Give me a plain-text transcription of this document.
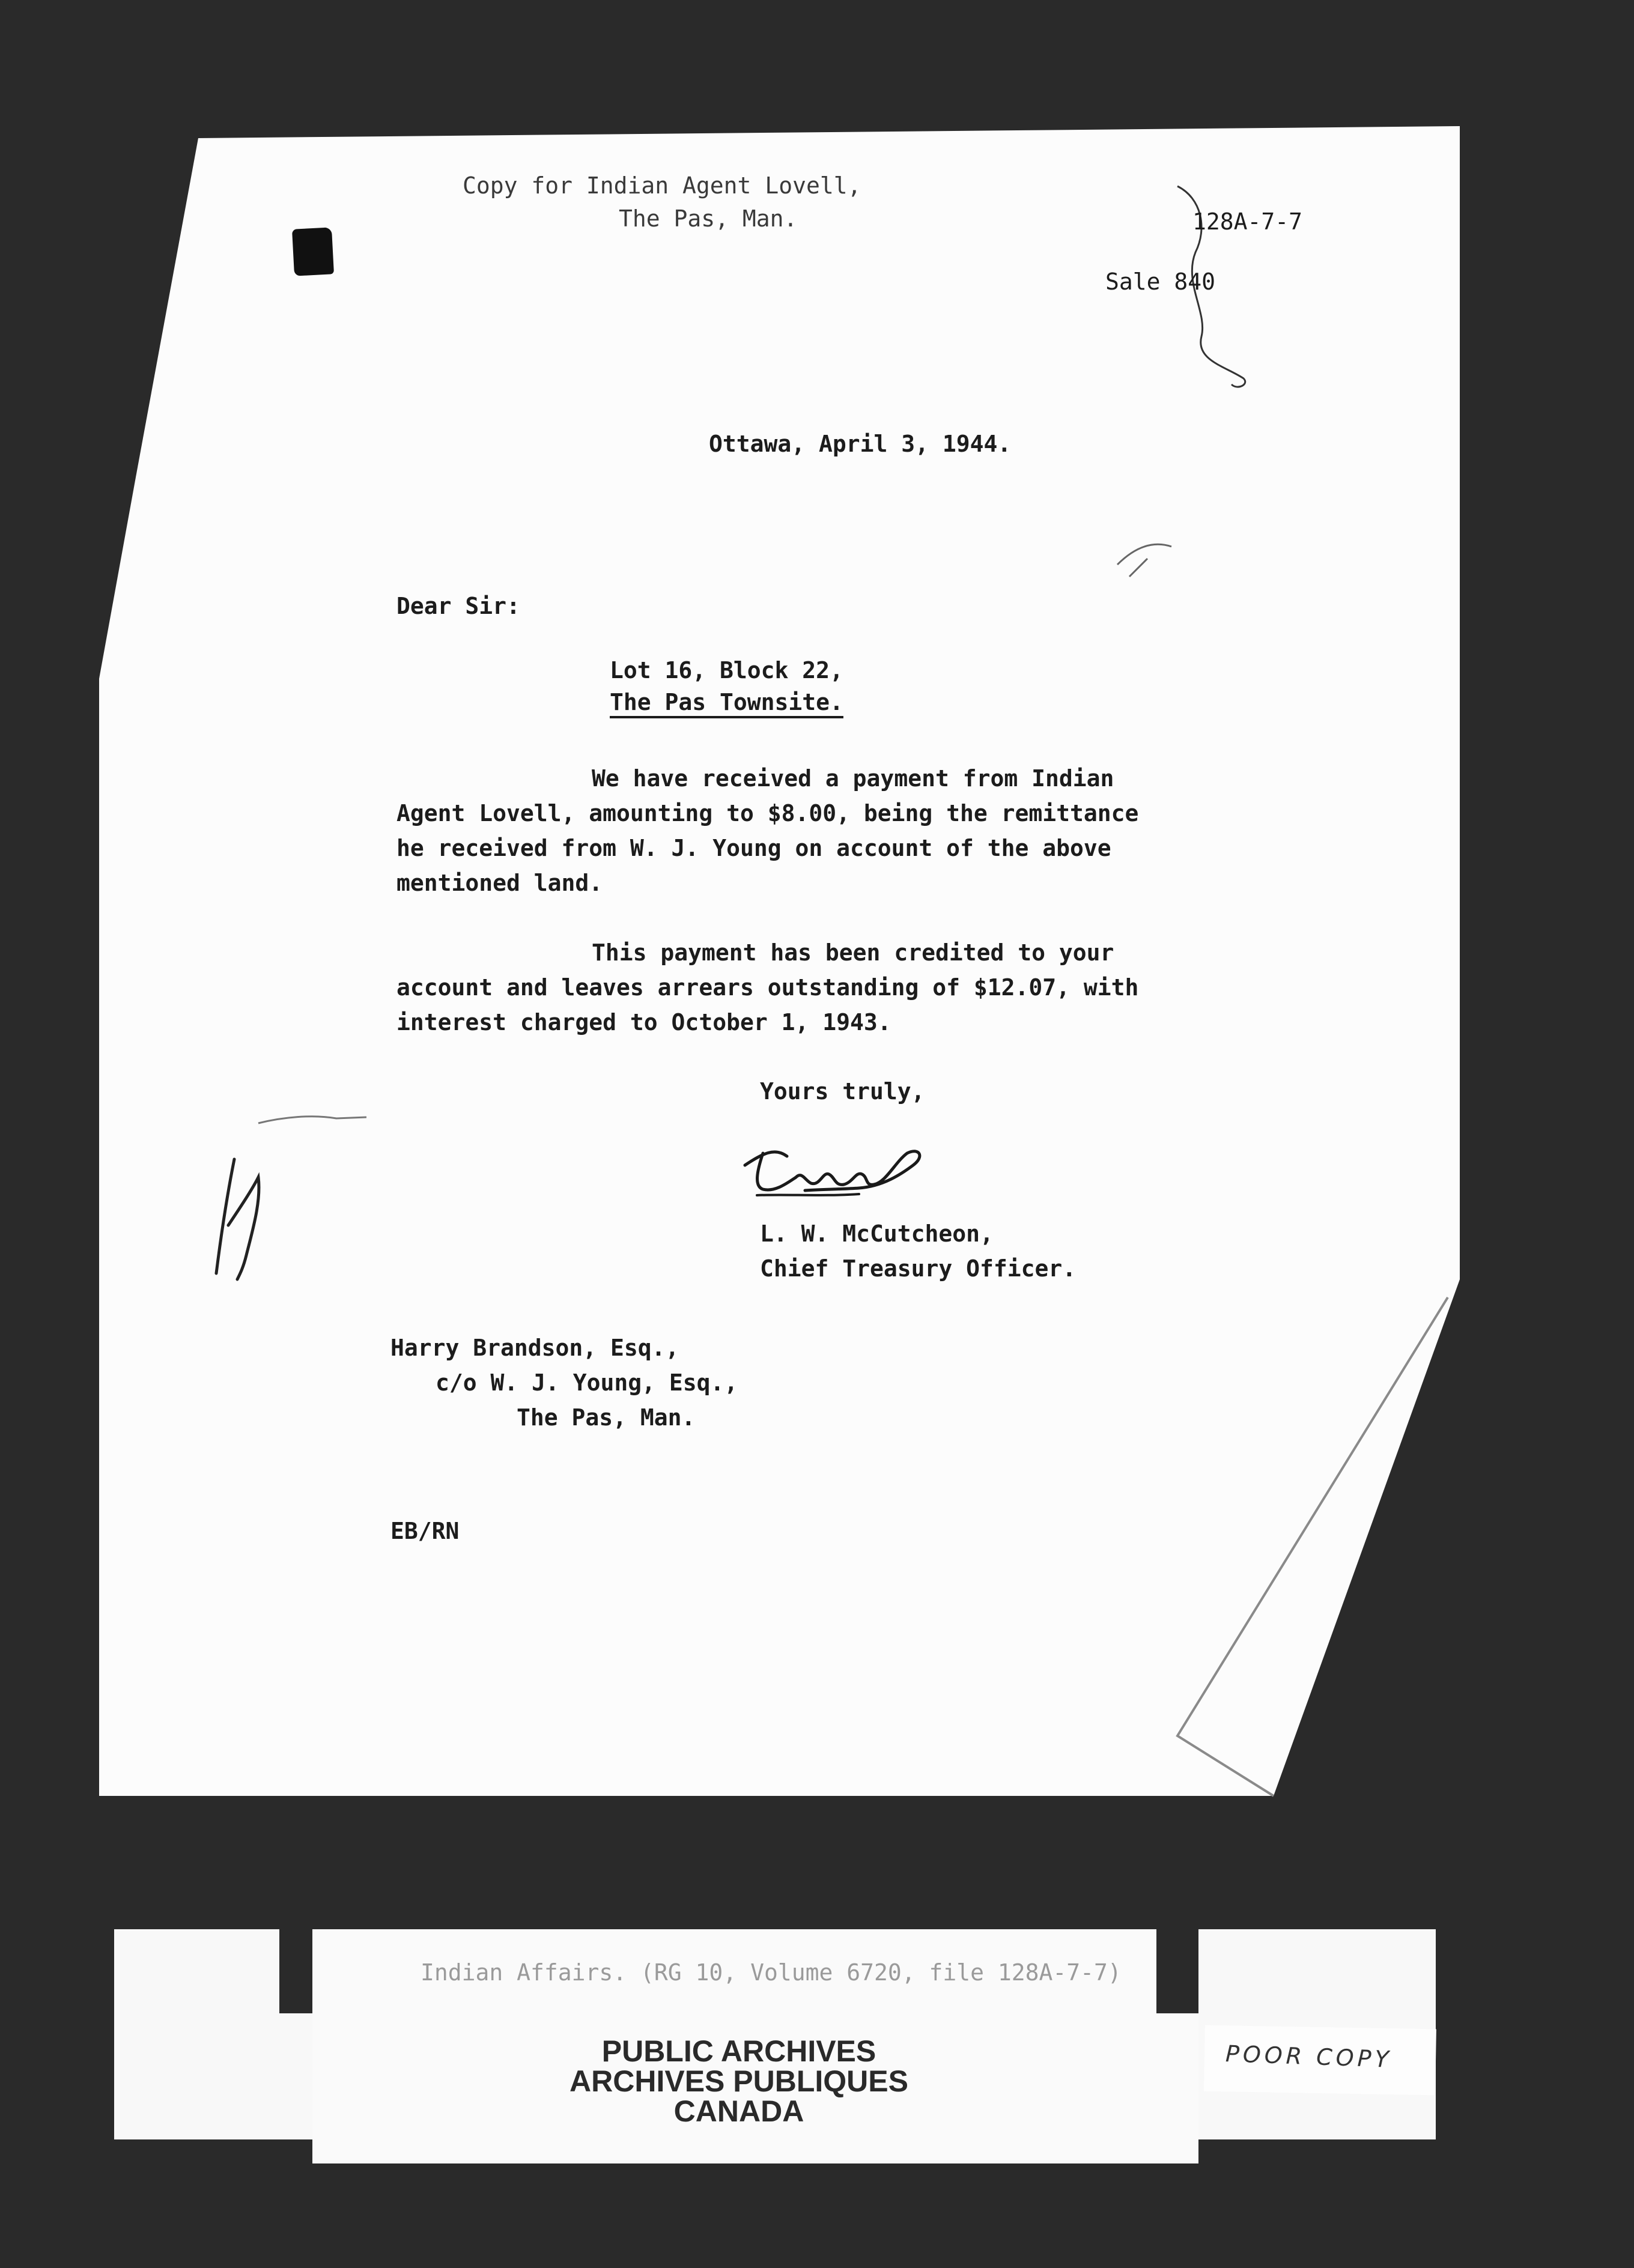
Copy for Indian Agent Lovell,
The Pas, Man.	128A-7-7
Sale 840
Ottawa, April 3, 1944.
Dear Sir:
Lot 16, Block 22,
The Pas Townsite.
We have received a payment from Indian
Agent Lovell, amounting to $8.00, being the remittance
he received from W. J. Young on account of the above
mentioned land.
This payment has been credited to your
account and leaves arrears outstanding of $12.07, with
interest charged to October 1, 1943.
Yours truly,
L. W. McCutcheon,
Chief Treasury Officer.
Harry Brandson, Esq.,
c/o W. J. Young, Esq.,
The Pas, Man.
EB/RN
Indian Affairs. (RG 10, Volume 6720, file 128A-7-7)
PUBLIC ARCHIVES
ARCHIVES PUBLIQUES
CANADA
POOR COPY
